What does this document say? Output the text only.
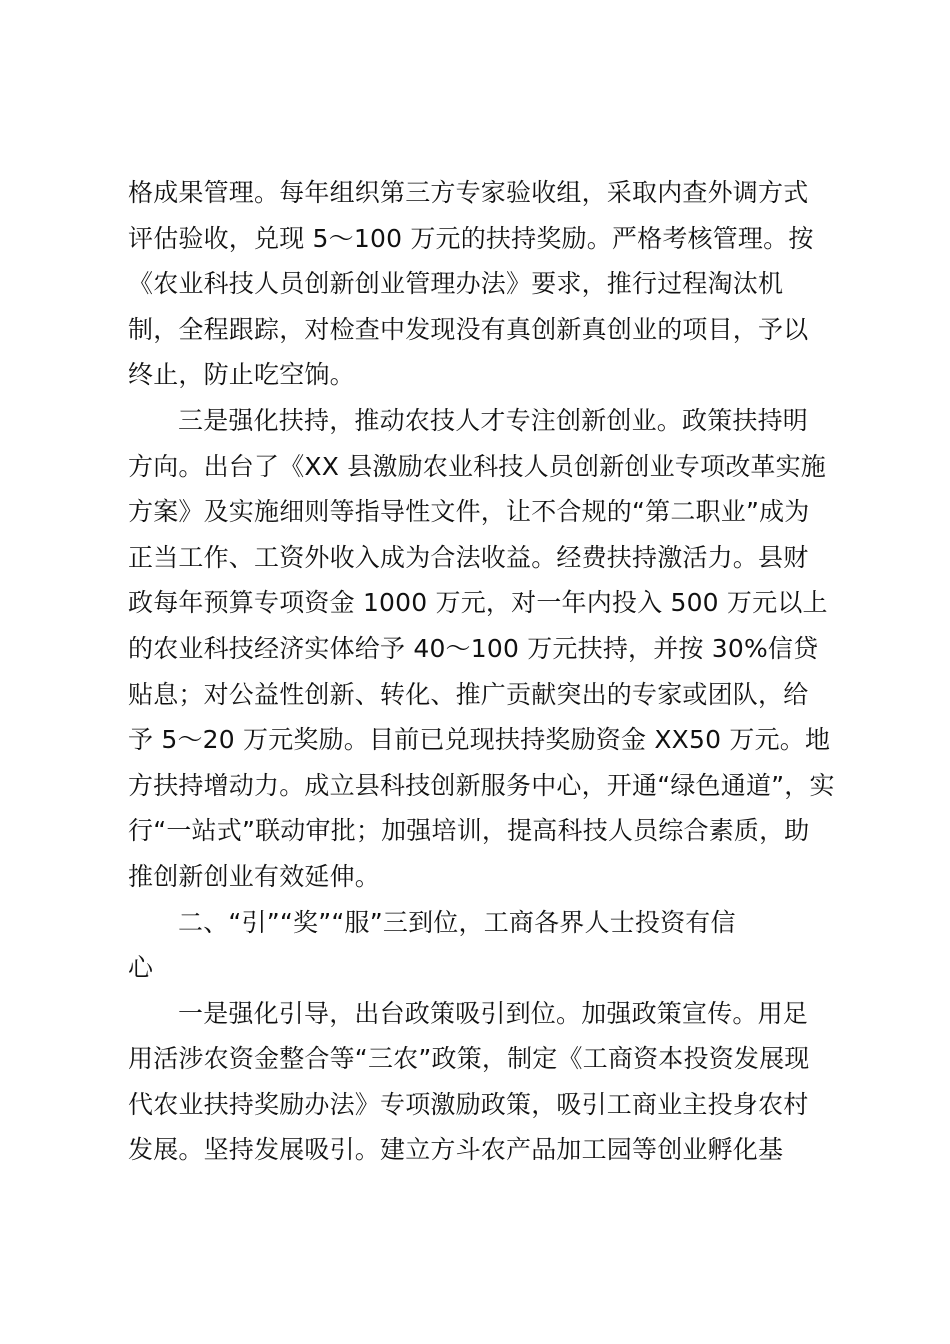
格成果管理。每年组织第三方专家验收组，采取内查外调方式
评估验收，兑现 5～100 万元的扶持奖励。严格考核管理。按
《农业科技人员创新创业管理办法》要求，推行过程淘汰机
制，全程跟踪，对检查中发现没有真创新真创业的项目，予以
终止，防止吃空饷。
三是强化扶持，推动农技人才专注创新创业。政策扶持明
方向。出台了《XX 县激励农业科技人员创新创业专项改革实施
方案》及实施细则等指导性文件，让不合规的“第二职业”成为
正当工作、工资外收入成为合法收益。经费扶持激活力。县财
政每年预算专项资金 1000 万元，对一年内投入 500 万元以上
的农业科技经济实体给予 40～100 万元扶持，并按 30%信贷
贴息；对公益性创新、转化、推广贡献突出的专家或团队，给
予 5～20 万元奖励。目前已兑现扶持奖励资金 XX50 万元。地
方扶持增动力。成立县科技创新服务中心，开通“绿色通道”，实
行“一站式”联动审批；加强培训，提高科技人员综合素质，助
推创新创业有效延伸。
二、“引”“奖”“服”三到位，工商各界人士投资有信
心
一是强化引导，出台政策吸引到位。加强政策宣传。用足
用活涉农资金整合等“三农”政策，制定《工商资本投资发展现
代农业扶持奖励办法》专项激励政策，吸引工商业主投身农村
发展。坚持发展吸引。建立方斗农产品加工园等创业孵化基
